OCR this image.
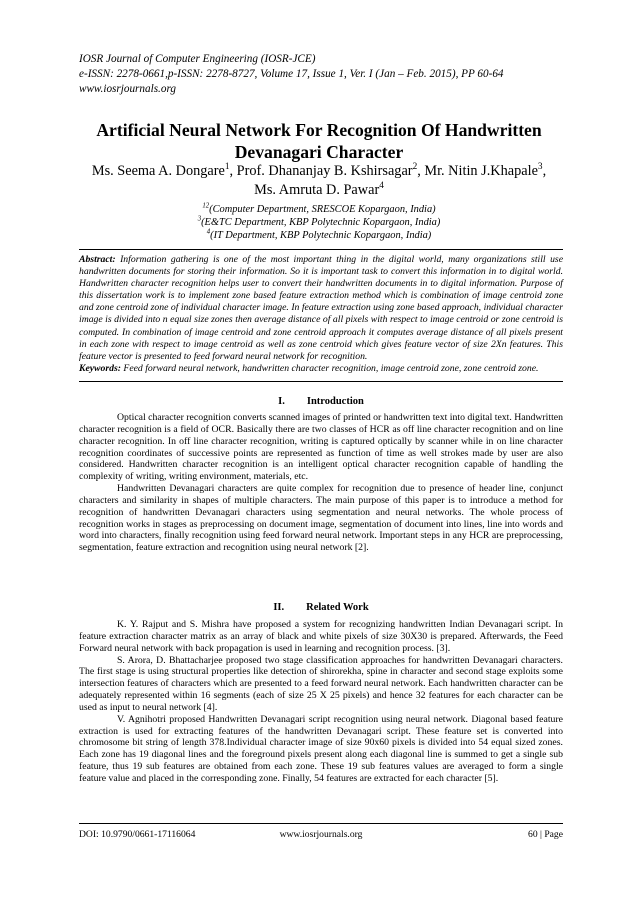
IOSR Journal of Computer Engineering (IOSR-JCE)
e-ISSN: 2278-0661,p-ISSN: 2278-8727, Volume 17, Issue 1, Ver. I (Jan – Feb. 2015), PP 60-64
www.iosrjournals.org
Artificial Neural Network For Recognition Of Handwritten
Devanagari Character
Ms. Seema A. Dongare$^1$, Prof. Dhananjay B. Kshirsagar$^2$, Mr. Nitin J.Khapale$^3$,
Ms. Amruta D. Pawar$^4$
$^{12}$(Computer Department, SRESCOE Kopargaon, India)
$^3$(E&TC Department, KBP Polytechnic Kopargaon, India)
$^4$(IT Department, KBP Polytechnic Kopargaon, India)

Abstract: Information gathering is one of the most important thing in the digital world, many organizations still use handwritten documents for storing their information. So it is important task to convert this information in to digital world. Handwritten character recognition helps user to convert their handwritten documents in to digital information. Purpose of this dissertation work is to implement zone based feature extraction method which is combination of image centroid zone and zone centroid zone of individual character image. In feature extraction using zone based approach, individual character image is divided into n equal size zones then average distance of all pixels with respect to image centroid or zone centroid is computed. In combination of image centroid and zone centroid approach it computes average distance of all pixels present in each zone with respect to image centroid as well as zone centroid which gives feature vector of size 2Xn features. This feature vector is presented to feed forward neural network for recognition.

Keywords: Feed forward neural network, handwritten character recognition, image centroid zone, zone centroid zone.

I. Introduction

Optical character recognition converts scanned images of printed or handwritten text into digital text. Handwritten character recognition is a field of OCR. Basically there are two classes of HCR as off line character recognition and on line character recognition. In off line character recognition, writing is captured optically by scanner while in on line character recognition coordinates of successive points are represented as function of time as well strokes made by user are also considered. Handwritten character recognition is an intelligent optical character recognition capable of handling the complexity of writing, writing environment, materials, etc.

Handwritten Devanagari characters are quite complex for recognition due to presence of header line, conjunct characters and similarity in shapes of multiple characters. The main purpose of this paper is to introduce a method for recognition of handwritten Devanagari characters using segmentation and neural networks. The whole process of recognition works in stages as preprocessing on document image, segmentation of document into lines, line into words and word into characters, finally recognition using feed forward neural network. Important steps in any HCR are preprocessing, segmentation, feature extraction and recognition using neural network [2].

II. Related Work

K. Y. Rajput and S. Mishra have proposed a system for recognizing handwritten Indian Devanagari script. In feature extraction character matrix as an array of black and white pixels of size 30X30 is prepared. Afterwards, the Feed Forward neural network with back propagation is used in learning and recognition process. [3].

S. Arora, D. Bhattacharjee proposed two stage classification approaches for handwritten Devanagari characters. The first stage is using structural properties like detection of shirorekha, spine in character and second stage exploits some intersection features of characters which are presented to a feed forward neural network. Each handwritten character can be adequately represented within 16 segments (each of size 25 X 25 pixels) and hence 32 features for each character can be used as input to neural network [4].

V. Agnihotri proposed Handwritten Devanagari script recognition using neural network. Diagonal based feature extraction is used for extracting features of the handwritten Devanagari script. These feature set is converted into chromosome bit string of length 378.Individual character image of size 90x60 pixels is divided into 54 equal sized zones. Each zone has 19 diagonal lines and the foreground pixels present along each diagonal line is summed to get a single sub feature, thus 19 sub features are obtained from each zone. These 19 sub features values are averaged to form a single feature value and placed in the corresponding zone. Finally, 54 features are extracted for each character [5].

DOI: 10.9790/0661-17116064	www.iosrjournals.org	60 | Page
